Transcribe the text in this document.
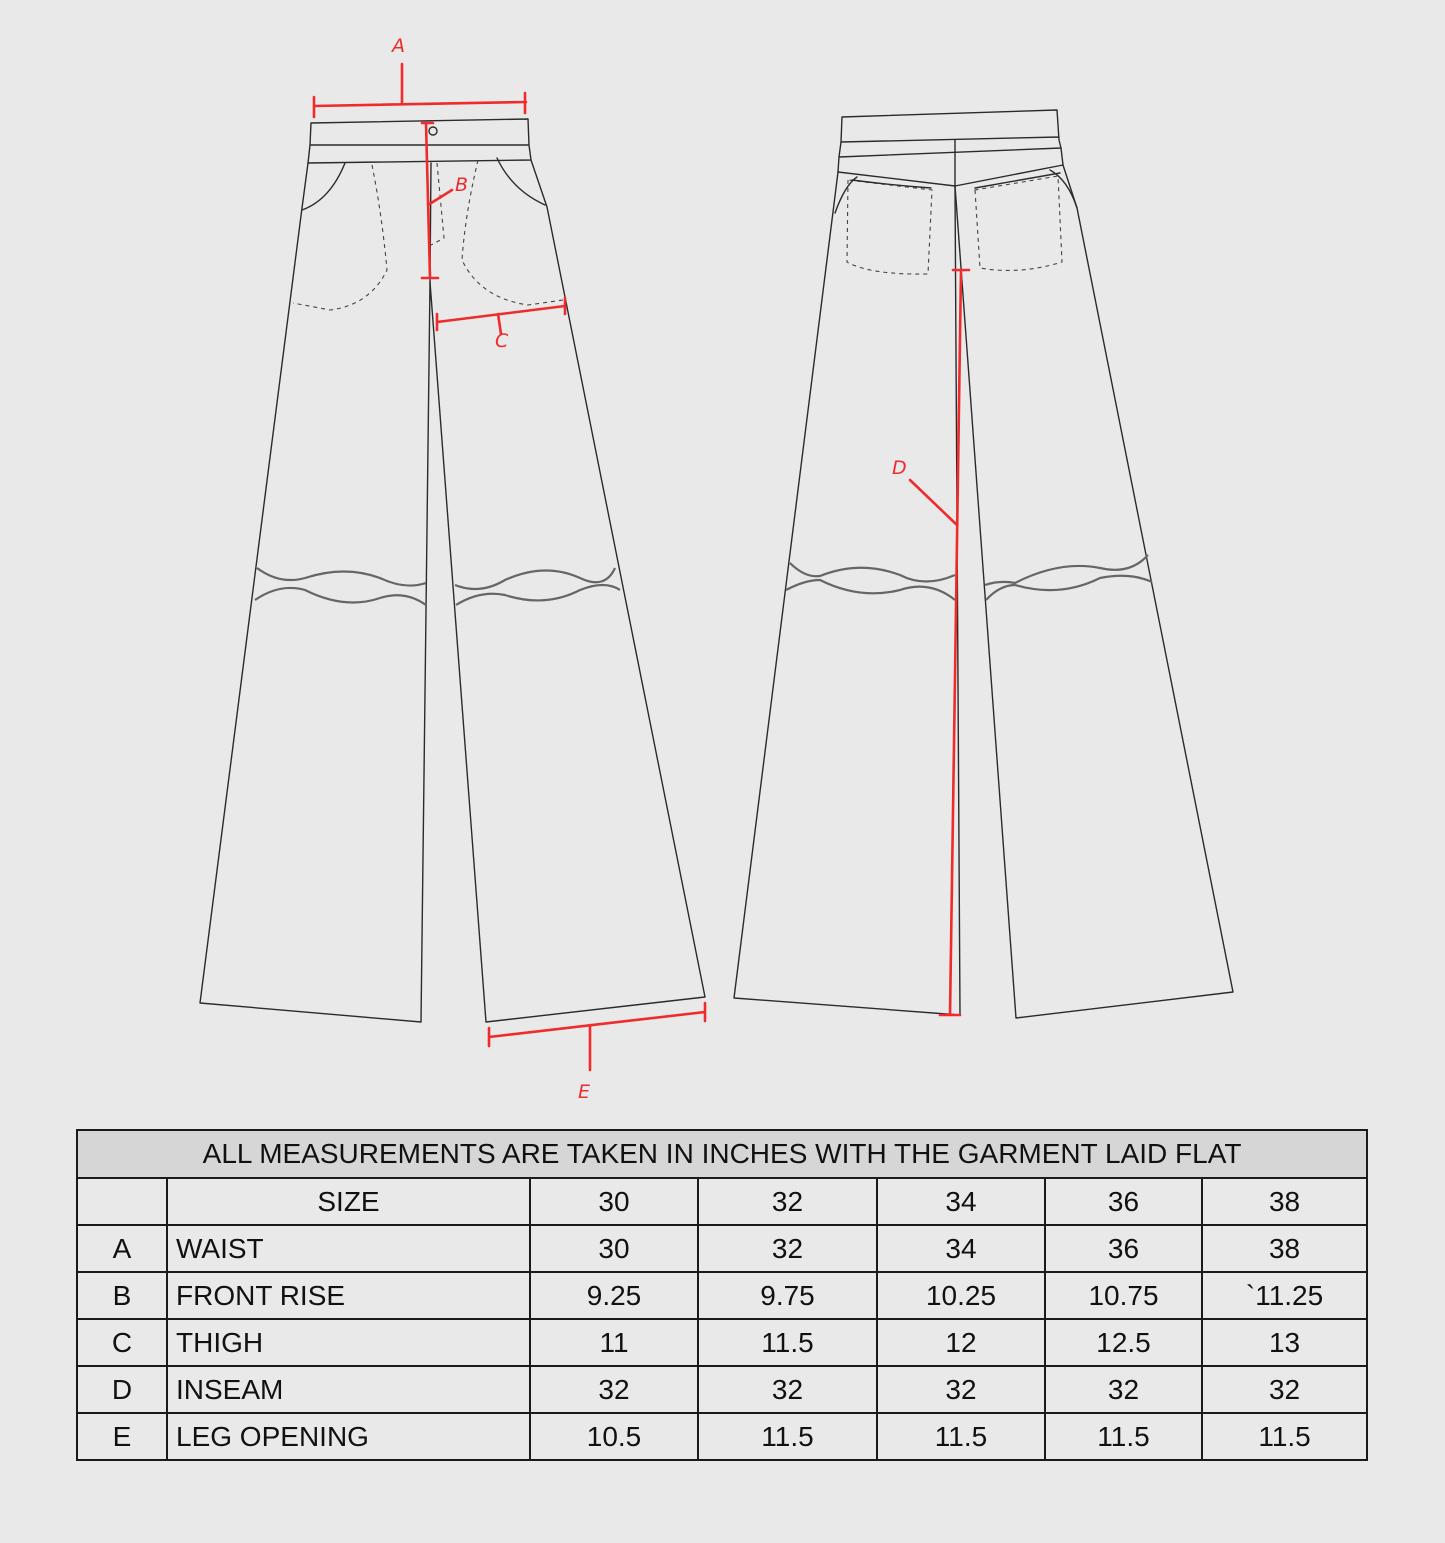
A
B
C
D
E
ALL MEASUREMENTS ARE TAKEN IN INCHES WITH THE GARMENT LAID FLAT						
	SIZE	30	32	34	36	38
A	WAIST	30	32	34	36	38
B	FRONT RISE	9.25	9.75	10.25	10.75	`11.25
C	THIGH	11	11.5	12	12.5	13
D	INSEAM	32	32	32	32	32
E	LEG OPENING	10.5	11.5	11.5	11.5	11.5
